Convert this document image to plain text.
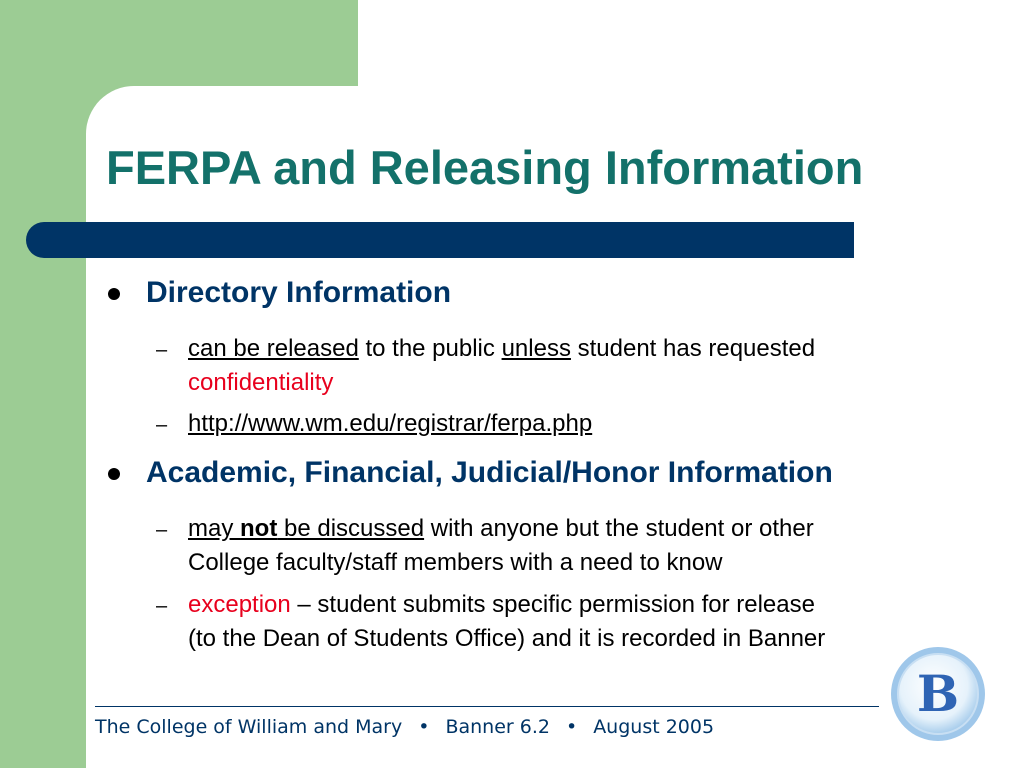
FERPA and Releasing Information
Directory Information
– can be released to the public unless student has requested
confidentiality
– http://www.wm.edu/registrar/ferpa.php
Academic, Financial, Judicial/Honor Information
– may not be discussed with anyone but the student or other
College faculty/staff members with a need to know
– exception – student submits specific permission for release
(to the Dean of Students Office) and it is recorded in Banner
The College of William and Mary • Banner 6.2 • August 2005
B
